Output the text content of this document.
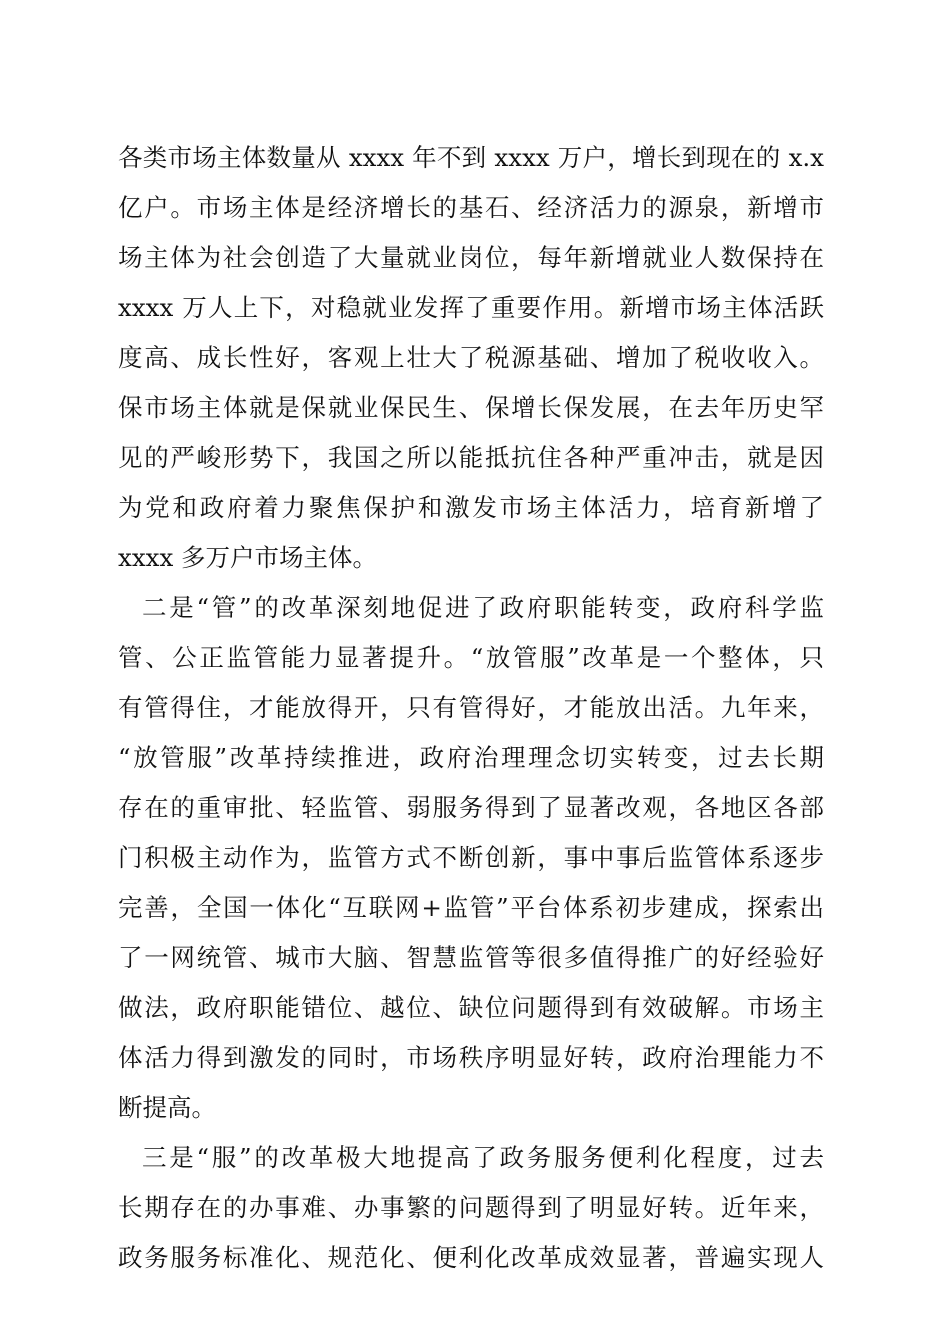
各类市场主体数量从 xxxx 年不到 xxxx 万户，增长到现在的 x.x
亿户。市场主体是经济增长的基石、经济活力的源泉，新增市
场主体为社会创造了大量就业岗位，每年新增就业人数保持在
xxxx 万人上下，对稳就业发挥了重要作用。新增市场主体活跃
度高、成长性好，客观上壮大了税源基础、增加了税收收入。
保市场主体就是保就业保民生、保增长保发展，在去年历史罕
见的严峻形势下，我国之所以能抵抗住各种严重冲击，就是因
为党和政府着力聚焦保护和激发市场主体活力，培育新增了
xxxx 多万户市场主体。
二是“管”的改革深刻地促进了政府职能转变，政府科学监
管、公正监管能力显著提升。“放管服”改革是一个整体，只
有管得住，才能放得开，只有管得好，才能放出活。九年来，
“放管服”改革持续推进，政府治理理念切实转变，过去长期
存在的重审批、轻监管、弱服务得到了显著改观，各地区各部
门积极主动作为，监管方式不断创新，事中事后监管体系逐步
完善，全国一体化“互联网+监管”平台体系初步建成，探索出
了一网统管、城市大脑、智慧监管等很多值得推广的好经验好
做法，政府职能错位、越位、缺位问题得到有效破解。市场主
体活力得到激发的同时，市场秩序明显好转，政府治理能力不
断提高。
三是“服”的改革极大地提高了政务服务便利化程度，过去
长期存在的办事难、办事繁的问题得到了明显好转。近年来，
政务服务标准化、规范化、便利化改革成效显著，普遍实现人
